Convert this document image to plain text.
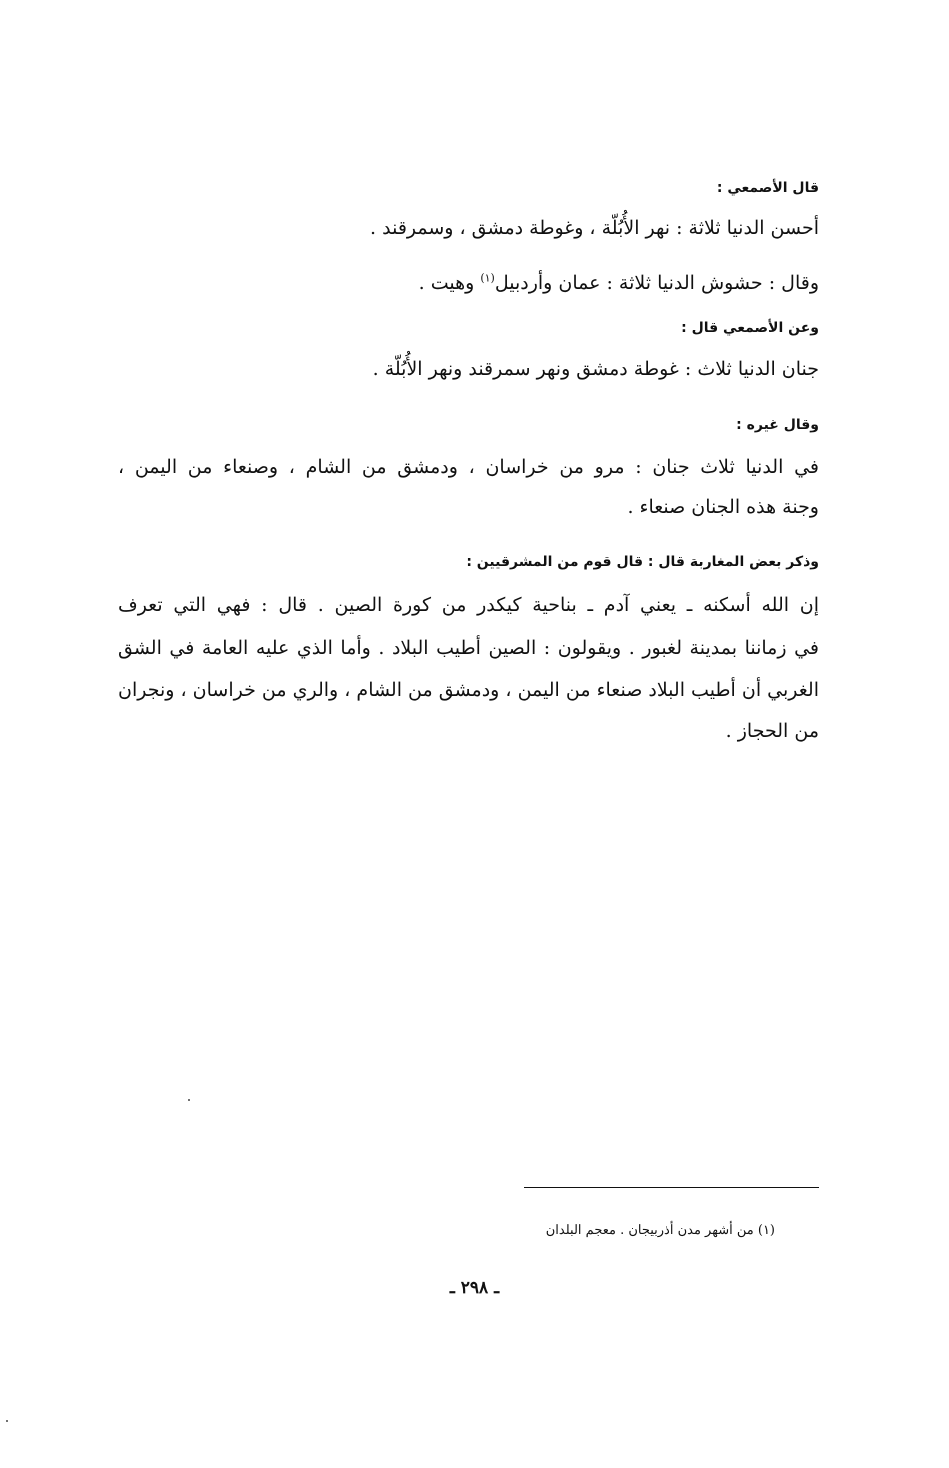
قال الأصمعي :
أحسن الدنيا ثلاثة : نهر الأُبُلّة ، وغوطة دمشق ، وسمرقند .
وقال : حشوش الدنيا ثلاثة : عمان وأردبيل$^{(١)}$ وهيت .
وعن الأصمعي قال :
جنان الدنيا ثلاث : غوطة دمشق ونهر سمرقند ونهر الأُبُلّة .
وقال غيره :
في الدنيا ثلاث جنان : مرو من خراسان ، ودمشق من الشام ، وصنعاء من اليمن ،
وجنة هذه الجنان صنعاء .
وذكر بعض المغاربة قال : قال قوم من المشرقيين :
إن الله أسكنه ـ يعني آدم ـ بناحية كيكدر من كورة الصين . قال : فهي التي تعرف
في زماننا بمدينة لغبور . ويقولون : الصين أطيب البلاد . وأما الذي عليه العامة في الشق
الغربي أن أطيب البلاد صنعاء من اليمن ، ودمشق من الشام ، والري من خراسان ، ونجران
من الحجاز .
(١) من أشهر مدن أذربيجان . معجم البلدان
ـ ٢٩٨ ـ
